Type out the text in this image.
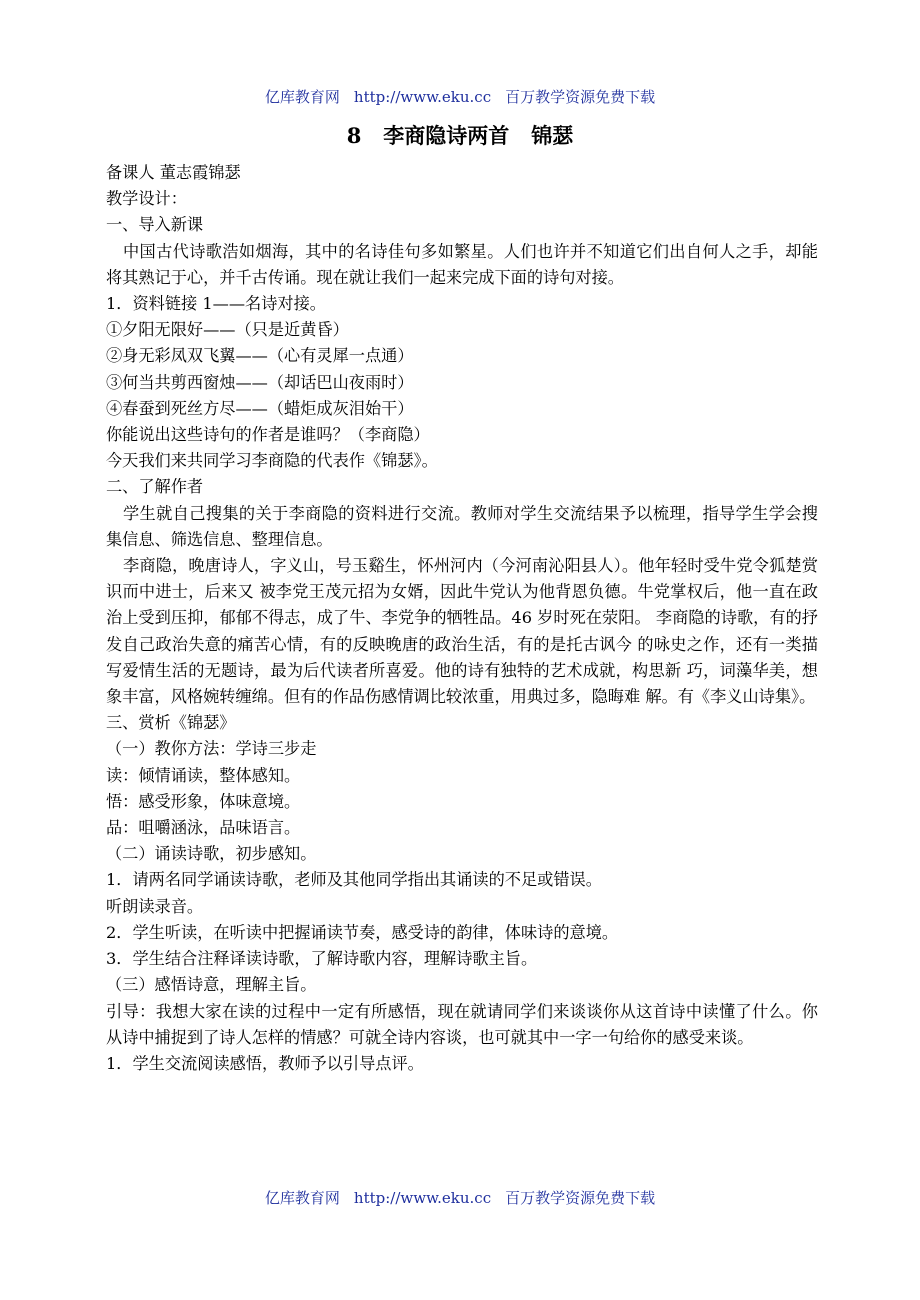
亿库教育网 http://www.eku.cc 百万教学资源免费下载
8   李商隐诗两首   锦瑟

备课人 董志霞锦瑟

教学设计：

一、导入新课

中国古代诗歌浩如烟海，其中的名诗佳句多如繁星。人们也许并不知道它们出自何人之手，却能将其熟记于心，并千古传诵。现在就让我们一起来完成下面的诗句对接。

1．资料链接 1——名诗对接。

①夕阳无限好——（只是近黄昏）

②身无彩凤双飞翼——（心有灵犀一点通）

③何当共剪西窗烛——（却话巴山夜雨时）

④春蚕到死丝方尽——（蜡炬成灰泪始干）

你能说出这些诗句的作者是谁吗？（李商隐）

今天我们来共同学习李商隐的代表作《锦瑟》。

二、了解作者

学生就自己搜集的关于李商隐的资料进行交流。教师对学生交流结果予以梳理，指导学生学会搜集信息、筛选信息、整理信息。

李商隐，晚唐诗人，字义山，号玉谿生，怀州河内（今河南沁阳县人）。他年轻时受牛党令狐楚赏识而中进士，后来又 被李党王茂元招为女婿，因此牛党认为他背恩负德。牛党掌权后，他一直在政治上受到压抑，郁郁不得志，成了牛、李党争的牺牲品。46 岁时死在荥阳。 李商隐的诗歌，有的抒发自己政治失意的痛苦心情，有的反映晚唐的政治生活，有的是托古讽今 的咏史之作，还有一类描写爱情生活的无题诗，最为后代读者所喜爱。他的诗有独特的艺术成就，构思新 巧，词藻华美，想象丰富，风格婉转缠绵。但有的作品伤感情调比较浓重，用典过多，隐晦难 解。有《李义山诗集》。

三、赏析《锦瑟》

（一）教你方法：学诗三步走

读：倾情诵读，整体感知。

悟：感受形象，体味意境。

品：咀嚼涵泳，品味语言。

（二）诵读诗歌，初步感知。

1．请两名同学诵读诗歌，老师及其他同学指出其诵读的不足或错误。

听朗读录音。

2．学生听读，在听读中把握诵读节奏，感受诗的韵律，体味诗的意境。

3．学生结合注释译读诗歌，了解诗歌内容，理解诗歌主旨。

（三）感悟诗意，理解主旨。

引导：我想大家在读的过程中一定有所感悟，现在就请同学们来谈谈你从这首诗中读懂了什么。你从诗中捕捉到了诗人怎样的情感？可就全诗内容谈，也可就其中一字一句给你的感受来谈。

1．学生交流阅读感悟，教师予以引导点评。

亿库教育网 http://www.eku.cc 百万教学资源免费下载
